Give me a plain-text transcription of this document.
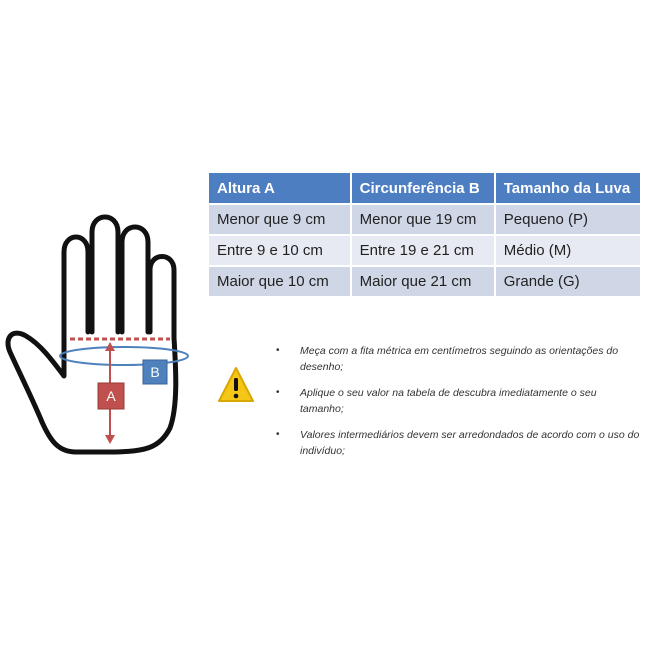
A
B
Altura A	Circunferência B	Tamanho da Luva
Menor que 9 cm	Menor que 19 cm	Pequeno (P)
Entre 9 e 10 cm	Entre 19 e 21 cm	Médio (M)
Maior que 10 cm	Maior que 21 cm	Grande (G)
• Meça com a fita métrica em centímetros seguindo as orientações do desenho;
• Aplique o seu valor na tabela de descubra imediatamente o seu tamanho;
• Valores intermediários devem ser arredondados de acordo com o uso do indivíduo;
